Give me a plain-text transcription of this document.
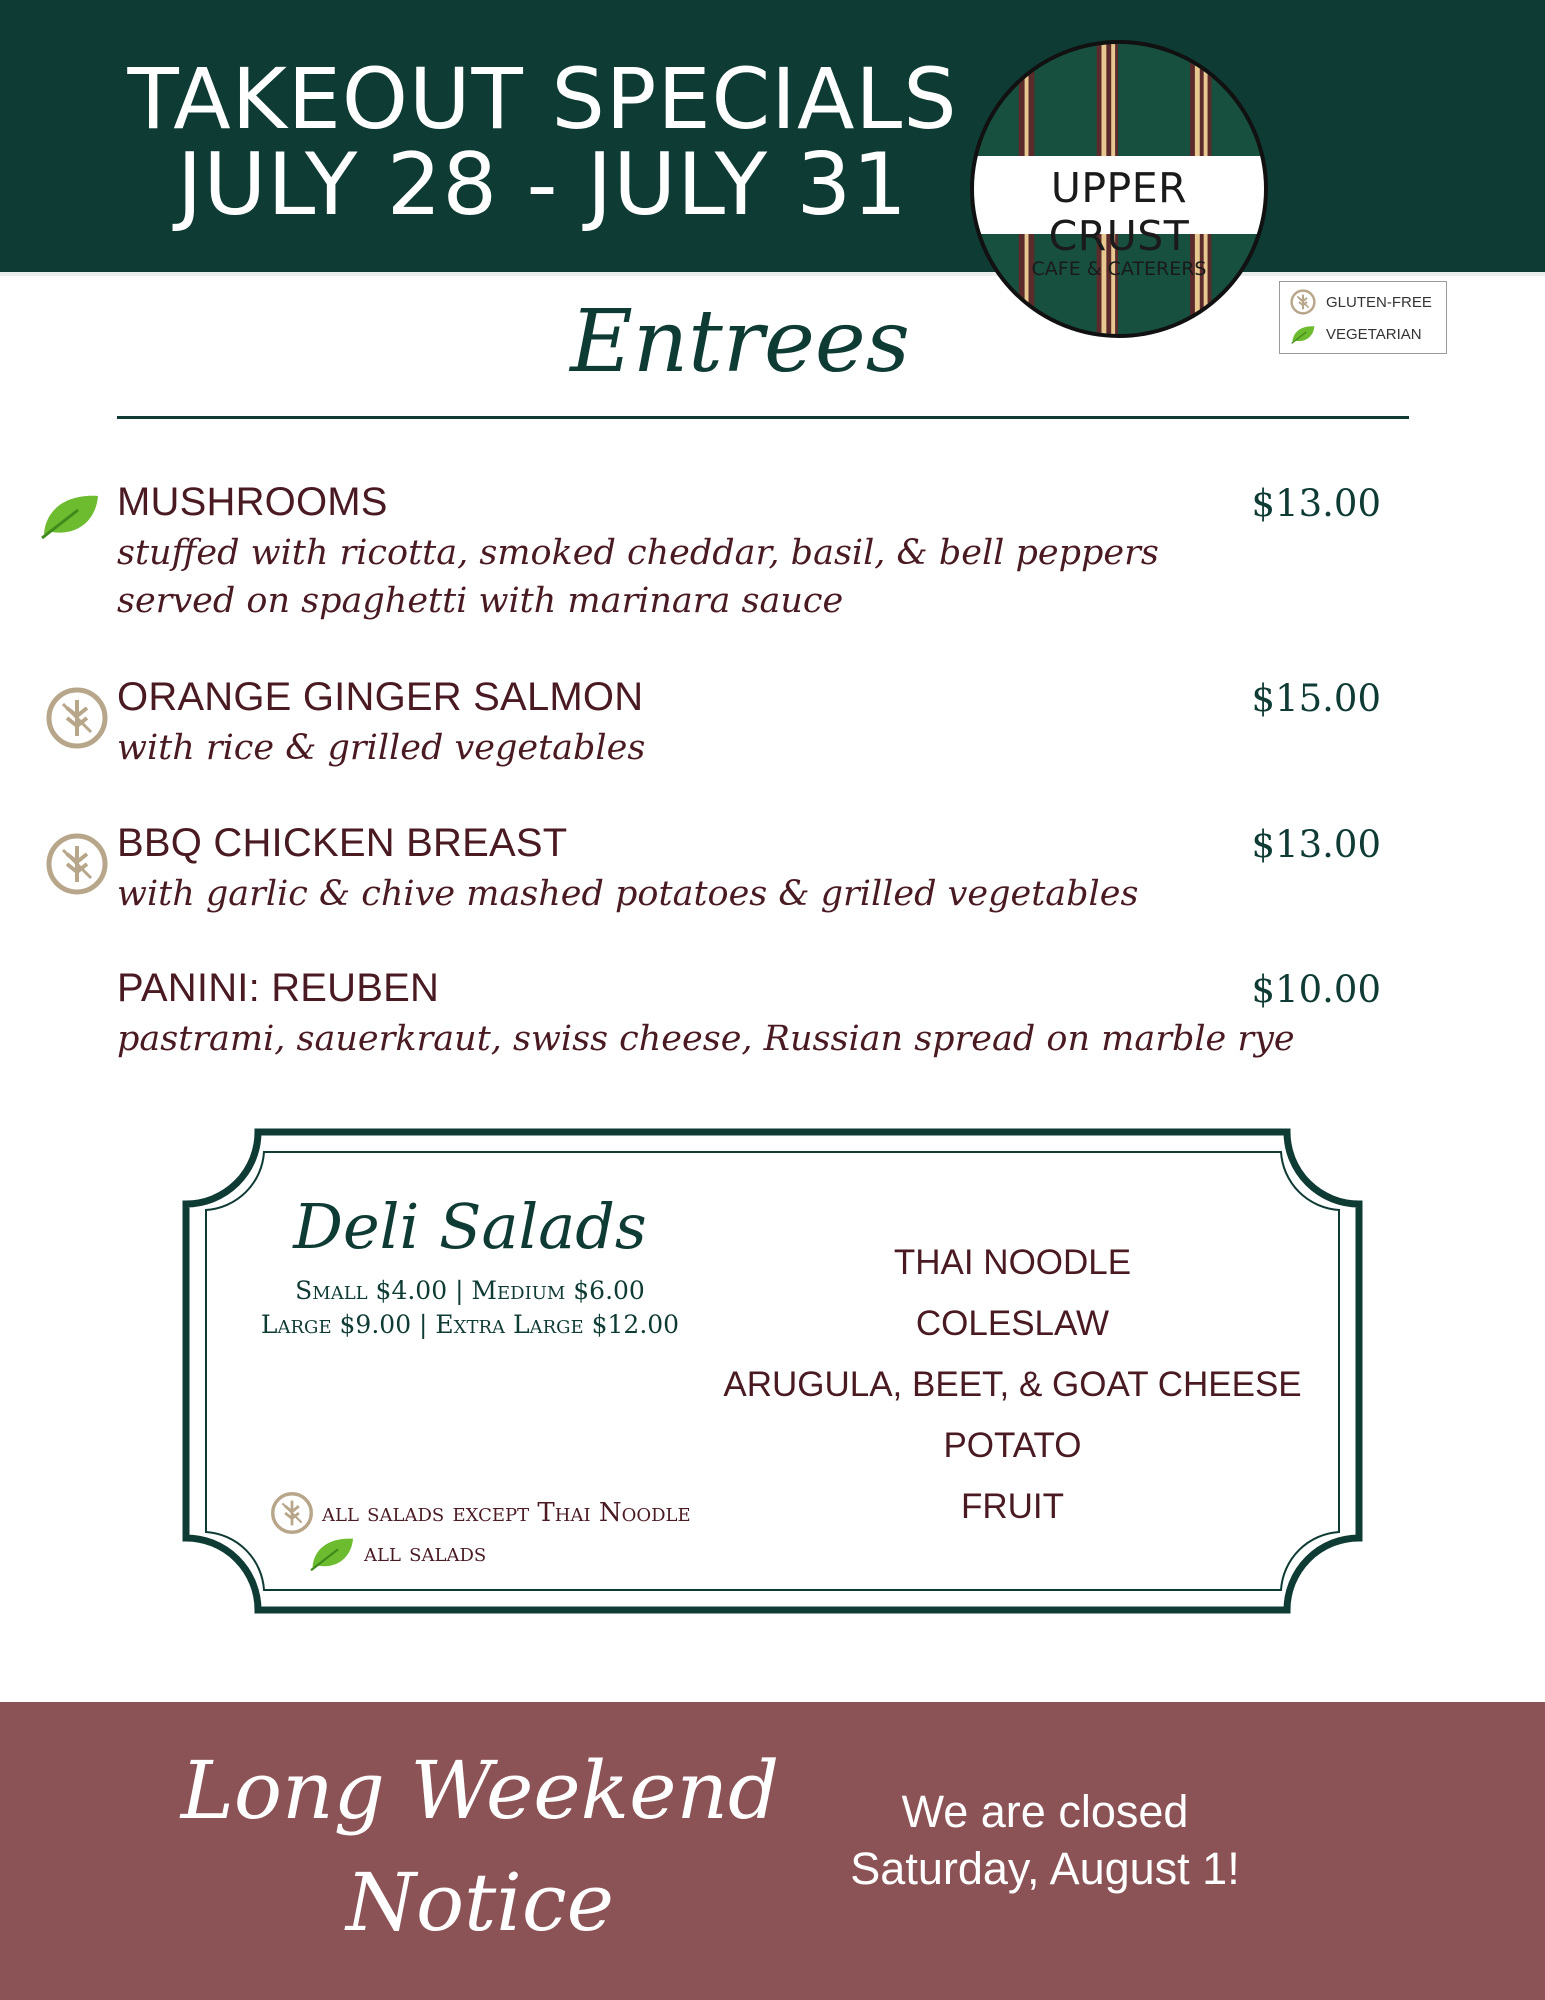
TAKEOUT SPECIALS
JULY 28 - JULY 31	UPPER CRUST
CAFE & CATERERS
GLUTEN-FREE
VEGETARIAN
Entrees
MUSHROOMS
stuffed with ricotta, smoked cheddar, basil, & bell peppers
served on spaghetti with marinara sauce
$13.00
ORANGE GINGER SALMON
with rice & grilled vegetables
$15.00
BBQ CHICKEN BREAST
with garlic & chive mashed potatoes & grilled vegetables
$13.00
PANINI: REUBEN
pastrami, sauerkraut, swiss cheese, Russian spread on marble rye
$10.00
Deli Salads
Small $4.00 | Medium $6.00
Large $9.00 | Extra Large $12.00
THAI NOODLE
COLESLAW
ARUGULA, BEET, & GOAT CHEESE
POTATO
FRUIT
all salads except Thai Noodle
all salads
Long Weekend
Notice
We are closed
Saturday, August 1!
